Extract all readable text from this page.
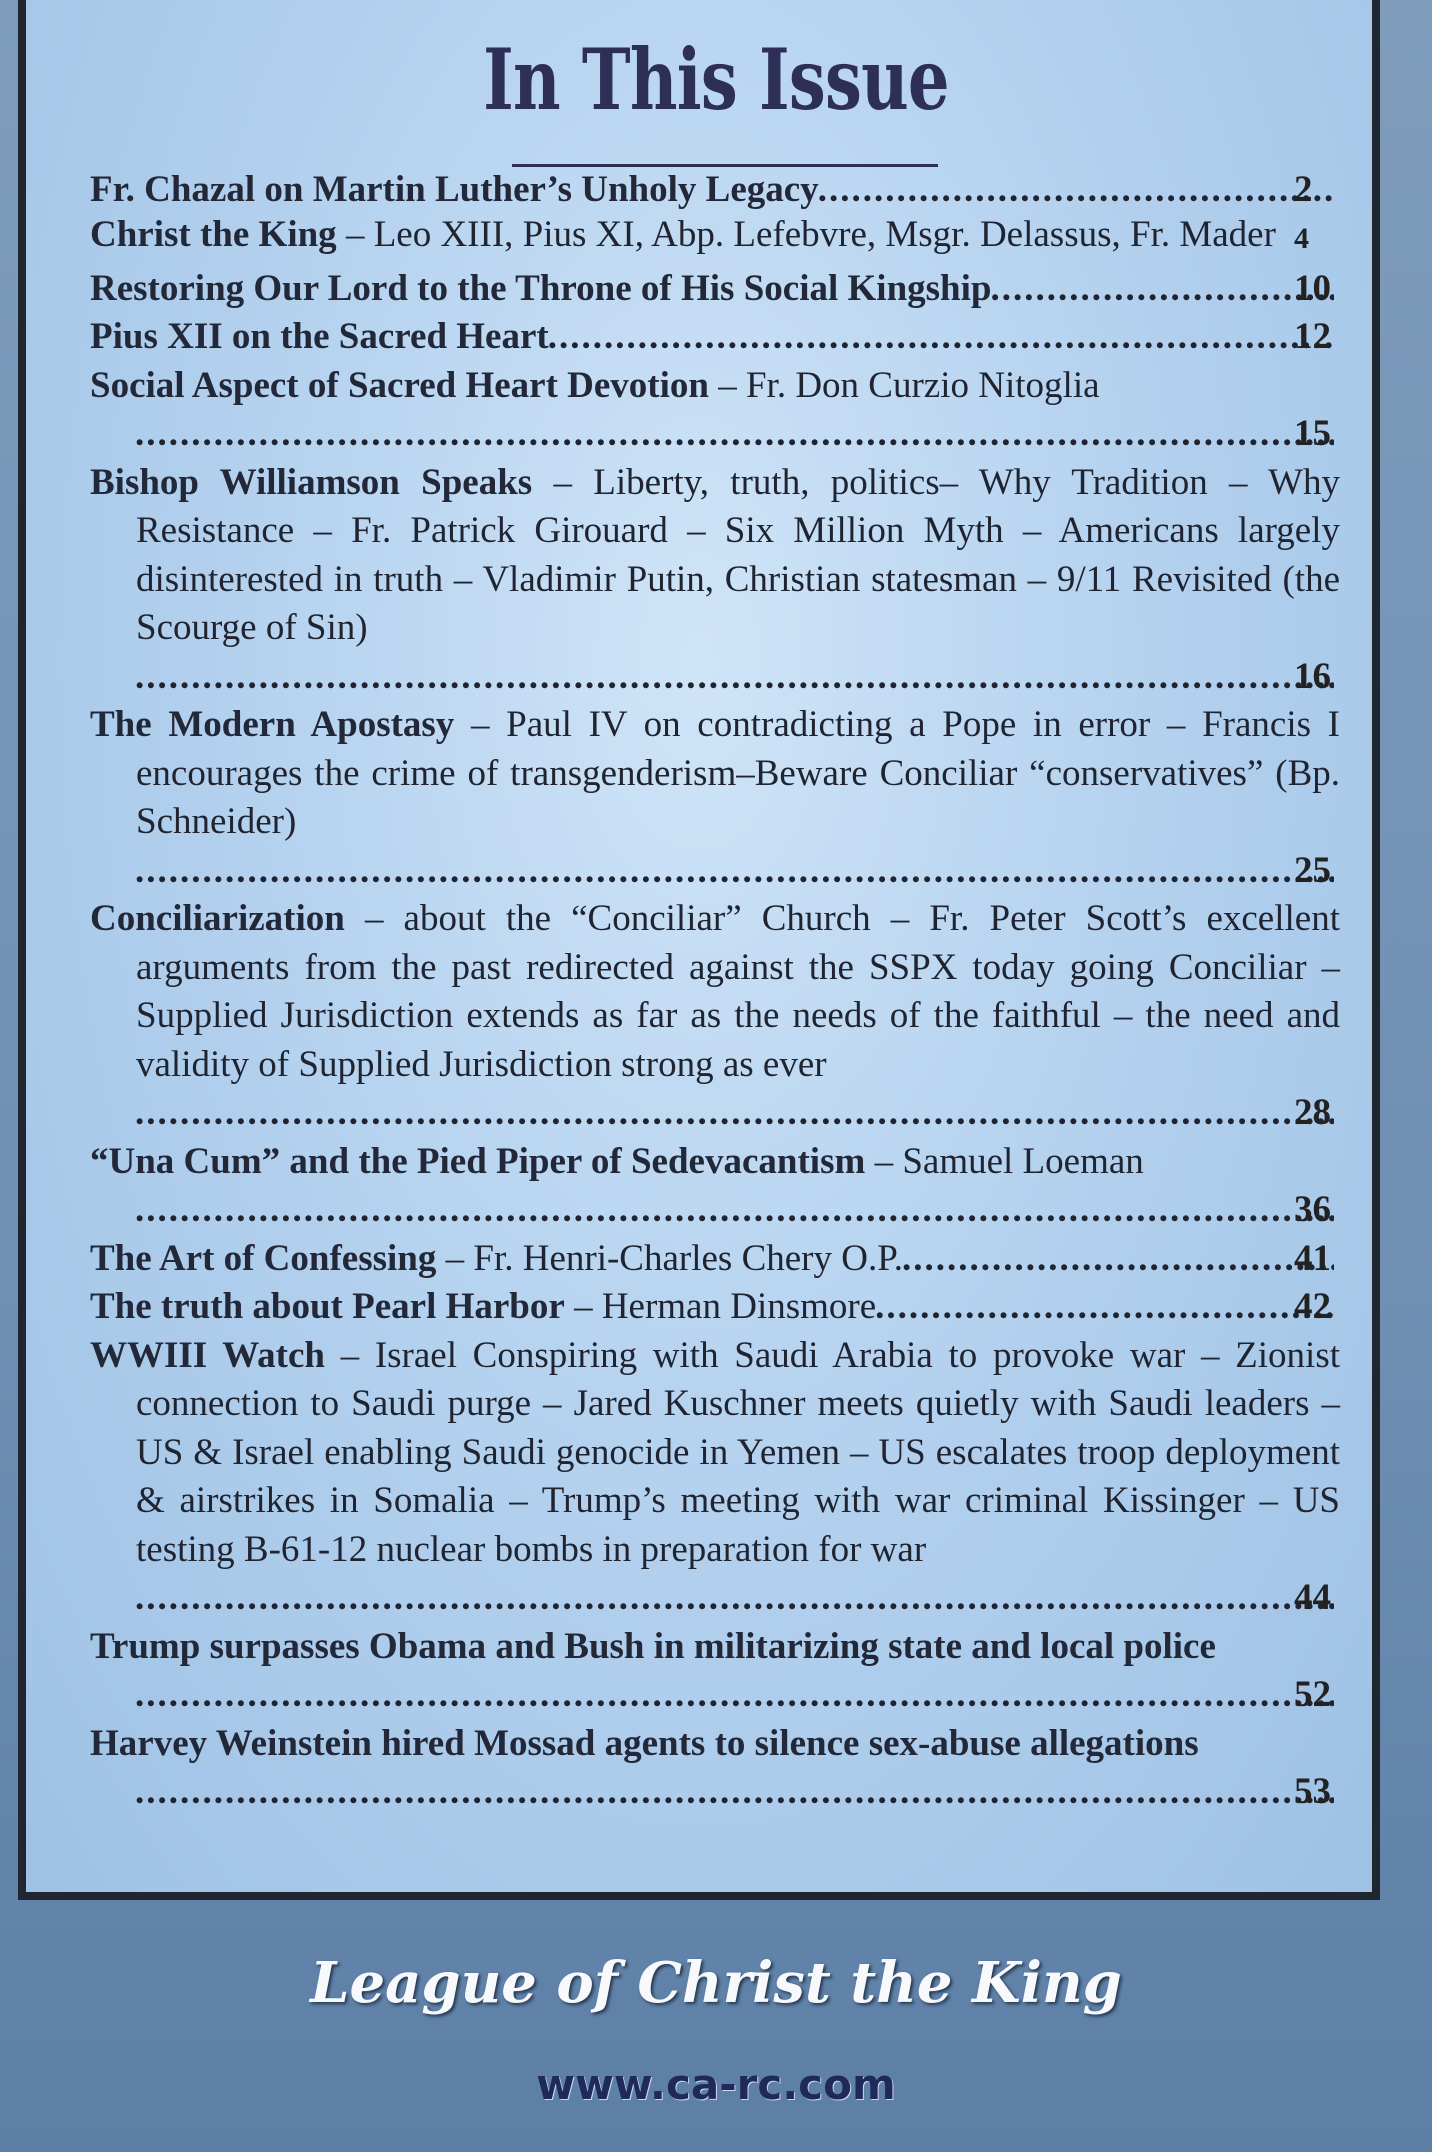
In This Issue
Fr. Chazal on Martin Luther’s Unholy Legacy .....	2
Christ the King – Leo XIII, Pius XI, Abp. Lefebvre, Msgr. Delassus, Fr. Mader 4
Restoring Our Lord to the Throne of His Social Kingship .....	10
Pius XII on the Sacred Heart .....	12
Social Aspect of Sacred Heart Devotion – Fr. Don Curzio Nitoglia
.....
15
Bishop Williamson Speaks – Liberty, truth, politics– Why Tradition – Why Resistance – Fr. Patrick Girouard – Six Million Myth – Americans largely disinterested in truth – Vladimir Putin, Christian statesman – 9/11 Revisited (the Scourge of Sin)
.....
16
The Modern Apostasy – Paul IV on contradicting a Pope in error – Francis I encourages the crime of transgenderism–Beware Conciliar “conservatives” (Bp. Schneider)
.....
25
Conciliarization – about the “Conciliar” Church – Fr. Peter Scott’s excellent arguments from the past redirected against the SSPX today going Conciliar – Supplied Jurisdiction extends as far as the needs of the faithful – the need and validity of Supplied Jurisdiction strong as ever
.....
28
“Una Cum” and the Pied Piper of Sedevacantism – Samuel Loeman
.....
36
The Art of Confessing – Fr. Henri-Charles Chery O.P. .....	41
The truth about Pearl Harbor – Herman Dinsmore .....	42
WWIII Watch – Israel Conspiring with Saudi Arabia to provoke war – Zionist connection to Saudi purge – Jared Kuschner meets quietly with Saudi leaders – US & Israel enabling Saudi genocide in Yemen – US escalates troop deployment & airstrikes in Somalia – Trump’s meeting with war criminal Kissinger – US testing B-61-12 nuclear bombs in preparation for war
.....
44
Trump surpasses Obama and Bush in militarizing state and local police
.....
52
Harvey Weinstein hired Mossad agents to silence sex-abuse allegations
.....
53
League of Christ the King
www.ca-rc.com
